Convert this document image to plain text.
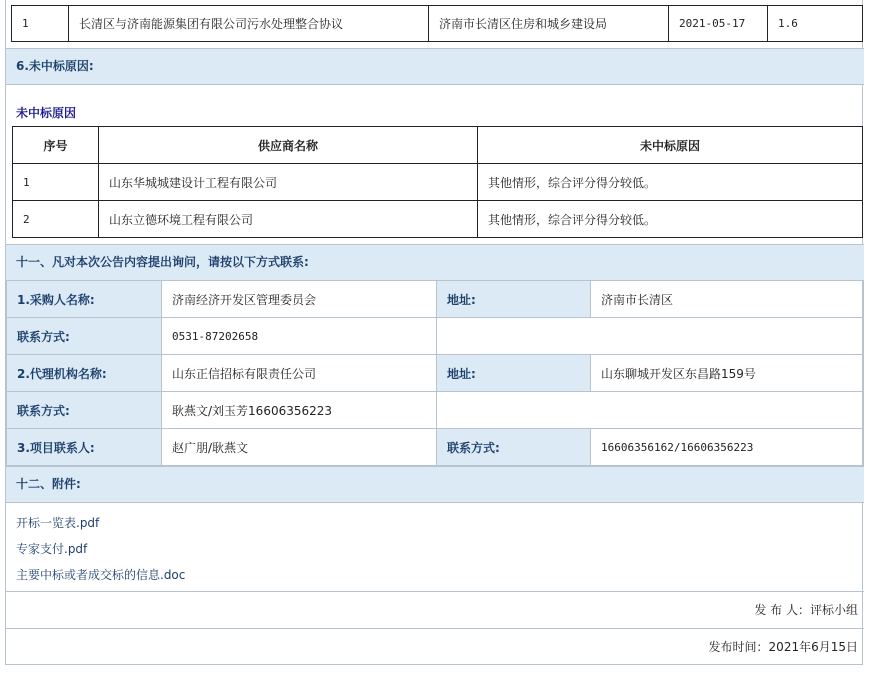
1	长清区与济南能源集团有限公司污水处理整合协议	济南市长清区住房和城乡建设局	2021-05-17	1.6
6.未中标原因:
未中标原因
序号	供应商名称	未中标原因
1	山东华城城建设计工程有限公司	其他情形，综合评分得分较低。
2	山东立德环境工程有限公司	其他情形，综合评分得分较低。
十一、凡对本次公告内容提出询问，请按以下方式联系:
1.采购人名称:	济南经济开发区管理委员会	地址:	济南市长清区
联系方式:	0531-87202658		
2.代理机构名称:	山东正信招标有限责任公司	地址:	山东聊城开发区东昌路159号
联系方式:	耿燕文/刘玉芳16606356223		
3.项目联系人:	赵广朋/耿燕文	联系方式:	16606356162/16606356223
十二、附件:
开标一览表.pdf
专家支付.pdf
主要中标或者成交标的信息.doc
发 布 人：评标小组
发布时间：2021年6月15日
